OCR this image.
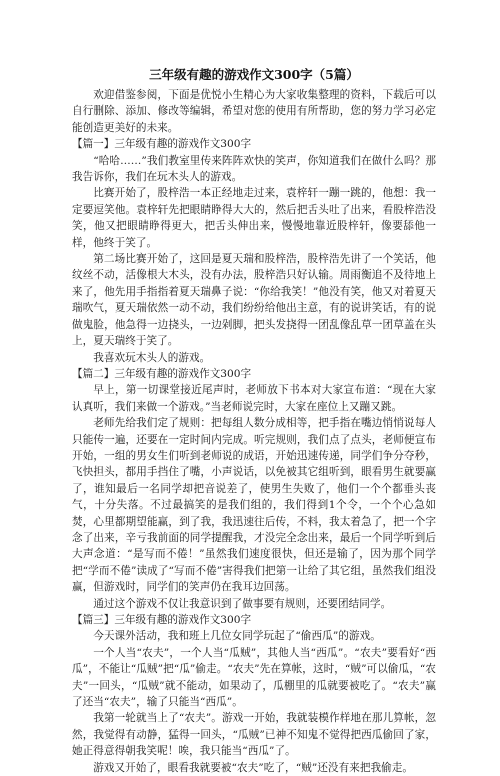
三年级有趣的游戏作文300字（5篇）

欢迎借鉴参阅，下面是优悦小生精心为大家收集整理的资料，下载后可以自行删除、添加、修改等编辑，希望对您的使用有所帮助，您的努力学习必定能创造更美好的未来。

【篇一】三年级有趣的游戏作文300字

“哈哈……”我们教室里传来阵阵欢快的笑声，你知道我们在做什么吗？那我告诉你，我们在玩木头人的游戏。

比赛开始了，股梓浩一本正经地走过来，袁梓轩一蹦一跳的，他想：我一定要逗笑他。袁梓轩先把眼睛睁得大大的，然后把舌头吐了出来，看股梓浩没笑，他又把眼睛睁得更大，把舌头伸出来，慢慢地靠近股梓轩，像要舔他一样，他终于笑了。

第二场比赛开始了，这回是夏天瑞和股梓浩，股梓浩先讲了一个笑话，他纹丝不动，活像根大木头，没有办法，股梓浩只好认输。周雨衡追不及待地上来了，他先用手指指着夏天瑞鼻子说：“你给我笑！”他没有笑，他又对着夏天瑞吹气，夏天瑞依然一动不动，我们纷纷给他出主意，有的说讲笑话，有的说做鬼脸，他急得一边挠头，一边剁脚，把头发挠得一团乱像乱草一团草盖在头上，夏天瑞终于笑了。

我喜欢玩木头人的游戏。

【篇二】三年级有趣的游戏作文300字

早上，第一切课堂接近尾声时，老师放下书本对大家宣布道：“现在大家认真听，我们来做一个游戏。”当老师说完时，大家在座位上又蹦又跳。

老师先给我们定了规则：把每组人数分成相等，把手指在嘴边悄悄说每人只能传一遍，还要在一定时间内完成。听完规则，我们点了点头，老师便宣布开始，一组的男女生们听到老师说的成语，开始迅速传递，同学们争分夺秒，飞快担头，都用手挡住了嘴，小声说话，以免被其它组听到，眼看男生就要赢了，谁知最后一名同学却把音说差了，使男生失败了，他们一个个都垂头丧气，十分失落。不过最搞笑的是我们组的，我们得到1个令，一个个心急如焚，心里都期望能赢，到了我，我迅速往后传，不料，我太着急了，把一个字念了出来，辛亏我前面的同学提醒我，才没完全念出来，最后一个同学听到后大声念道：“是写而不倦！”虽然我们速度很快，但还是输了，因为那个同学把“学而不倦”读成了“写而不倦”害得我们把第一让给了其它组，虽然我们组没赢，但游戏时，同学们的笑声仍在我耳边回荡。

通过这个游戏不仅让我意识到了做事要有规则，还要团结同学。

【篇三】三年级有趣的游戏作文300字

今天课外活动，我和班上几位女同学玩起了“偷西瓜”的游戏。

一个人当“农夫”，一个人当“瓜贼”，其他人当“西瓜”。“农夫”要看好“西瓜”，不能让“瓜贼”把“瓜”偷走。“农夫”先在算帐，这时，“贼”可以偷瓜，“农夫”一回头，“瓜贼”就不能动，如果动了，瓜棚里的瓜就要被吃了。“农夫”赢了还当“农夫”，输了只能当“西瓜”。

我第一轮就当上了“农夫”。游戏一开始，我就装模作样地在那儿算帐，忽然，我觉得有动静，猛得一回头，“瓜贼”已神不知鬼不觉得把西瓜偷回了家，她正得意得朝我笑呢！唉，我只能当“西瓜”了。

游戏又开始了，眼看我就要被“农夫”吃了，“贼”还没有来把我偷走。
